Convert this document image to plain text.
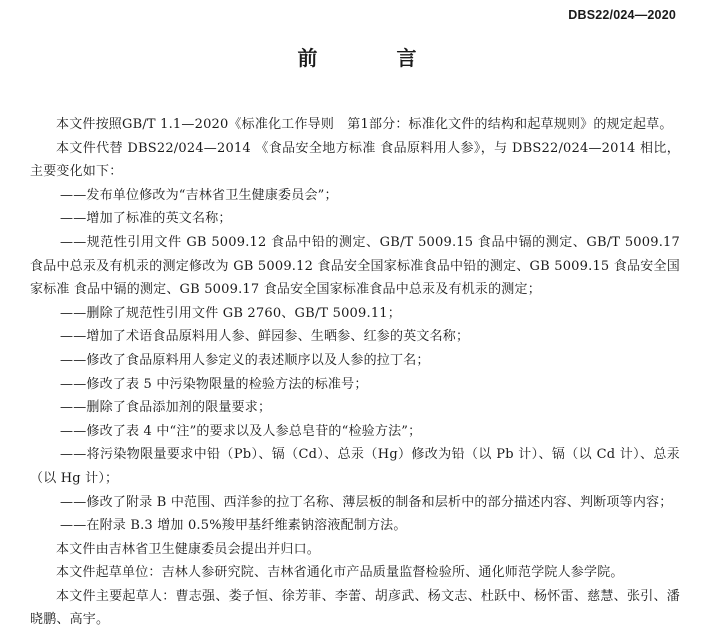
DBS22/024—2020
前 言

本文件按照GB/T 1.1—2020《标准化工作导则　第1部分：标准化文件的结构和起草规则》的规定起草。

本文件代替 DBS22/024—2014 《食品安全地方标准 食品原料用人参》，与 DBS22/024—2014 相比，主要变化如下：

——发布单位修改为“吉林省卫生健康委员会”；

——增加了标准的英文名称；

——规范性引用文件 GB 5009.12 食品中铅的测定、GB/T 5009.15 食品中镉的测定、GB/T 5009.17 食品中总汞及有机汞的测定修改为 GB 5009.12 食品安全国家标准食品中铅的测定、GB 5009.15 食品安全国家标准 食品中镉的测定、GB 5009.17 食品安全国家标准食品中总汞及有机汞的测定；

——删除了规范性引用文件 GB 2760、GB/T 5009.11；

——增加了术语食品原料用人参、鲜园参、生晒参、红参的英文名称；

——修改了食品原料用人参定义的表述顺序以及人参的拉丁名；

——修改了表 5 中污染物限量的检验方法的标准号；

——删除了食品添加剂的限量要求；

——修改了表 4 中“注”的要求以及人参总皂苷的“检验方法”；

——将污染物限量要求中铅（Pb）、镉（Cd）、总汞（Hg）修改为铅（以 Pb 计）、镉（以 Cd 计）、总汞（以 Hg 计）；

——修改了附录 B 中范围、西洋参的拉丁名称、薄层板的制备和层析中的部分描述内容、判断项等内容；

——在附录 B.3 增加 0.5%羧甲基纤维素钠溶液配制方法。

本文件由吉林省卫生健康委员会提出并归口。

本文件起草单位：吉林人参研究院、吉林省通化市产品质量监督检验所、通化师范学院人参学院。

本文件主要起草人：曹志强、娄子恒、徐芳菲、李蕾、胡彦武、杨文志、杜跃中、杨怀雷、慈慧、张引、潘晓鹏、高宇。
